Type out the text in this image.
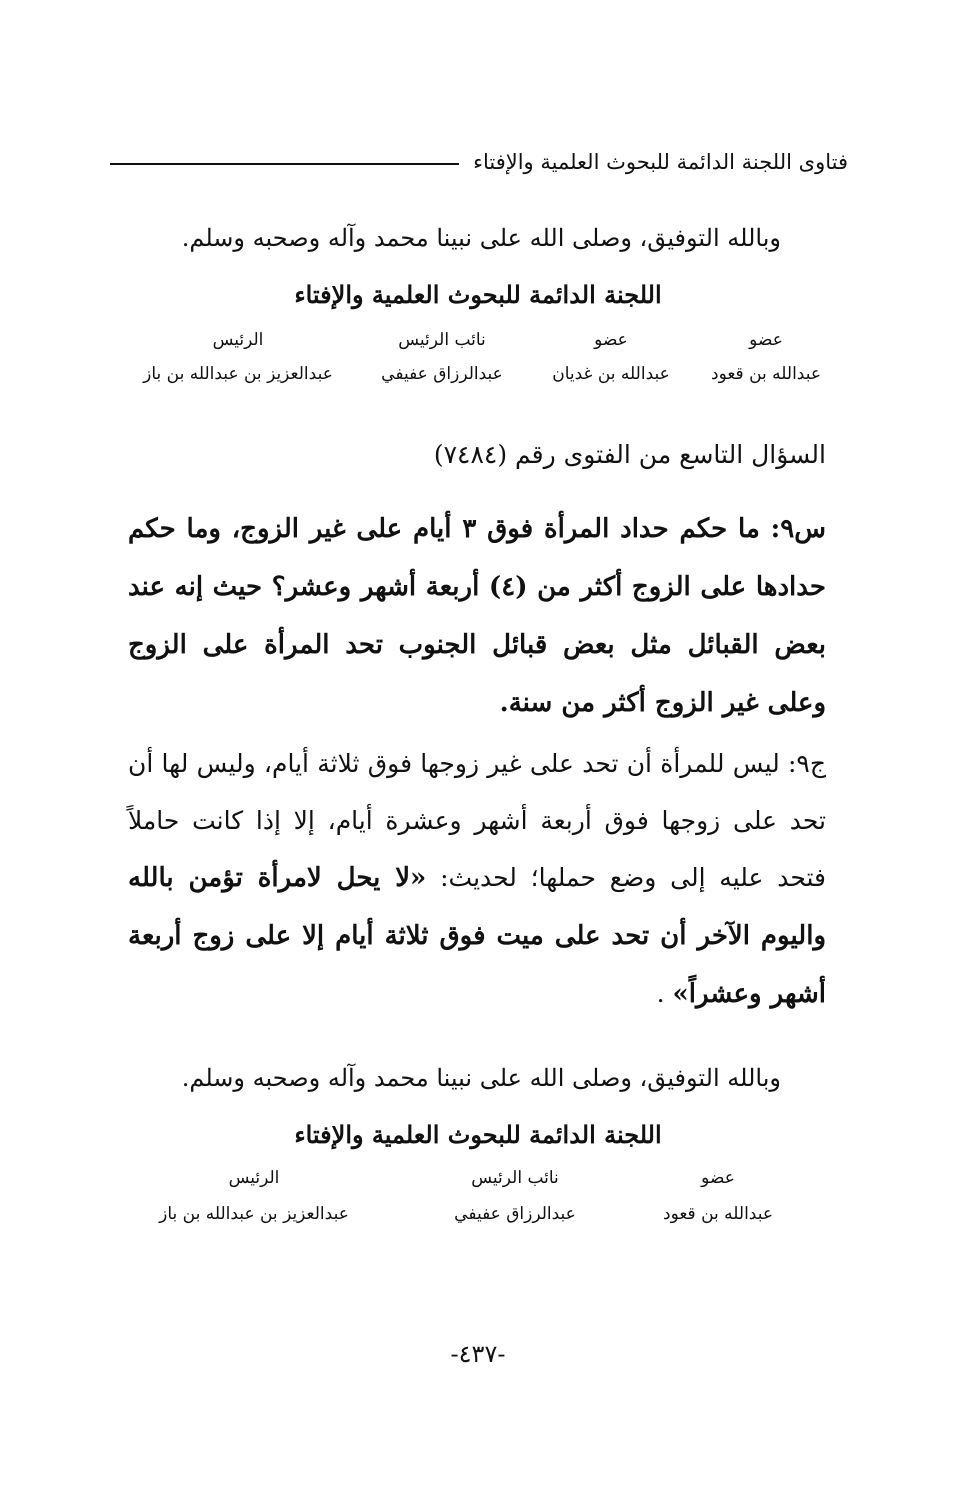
فتاوى اللجنة الدائمة للبحوث العلمية والإفتاء
وبالله التوفيق، وصلى الله على نبينا محمد وآله وصحبه وسلم.
اللجنة الدائمة للبحوث العلمية والإفتاء
عضو
عبدالله بن قعود
عضو
عبدالله بن غديان
نائب الرئيس
عبدالرزاق عفيفي
الرئيس
عبدالعزيز بن عبدالله بن باز
السؤال التاسع من الفتوى رقم (٧٤٨٤)
س٩: ما حكم حداد المرأة فوق ٣ أيام على غير الزوج، وما حكم حدادها على الزوج أكثر من (٤) أربعة أشهر وعشر؟ حيث إنه عند بعض القبائل مثل بعض قبائل الجنوب تحد المرأة على الزوج وعلى غير الزوج أكثر من سنة.
ج٩: ليس للمرأة أن تحد على غير زوجها فوق ثلاثة أيام، وليس لها أن تحد على زوجها فوق أربعة أشهر وعشرة أيام، إلا إذا كانت حاملاً فتحد عليه إلى وضع حملها؛ لحديث: «لا يحل لامرأة تؤمن بالله واليوم الآخر أن تحد على ميت فوق ثلاثة أيام إلا على زوج أربعة أشهر وعشراً» .
وبالله التوفيق، وصلى الله على نبينا محمد وآله وصحبه وسلم.
اللجنة الدائمة للبحوث العلمية والإفتاء
عضو
عبدالله بن قعود
نائب الرئيس
عبدالرزاق عفيفي
الرئيس
عبدالعزيز بن عبدالله بن باز
-٤٣٧-
